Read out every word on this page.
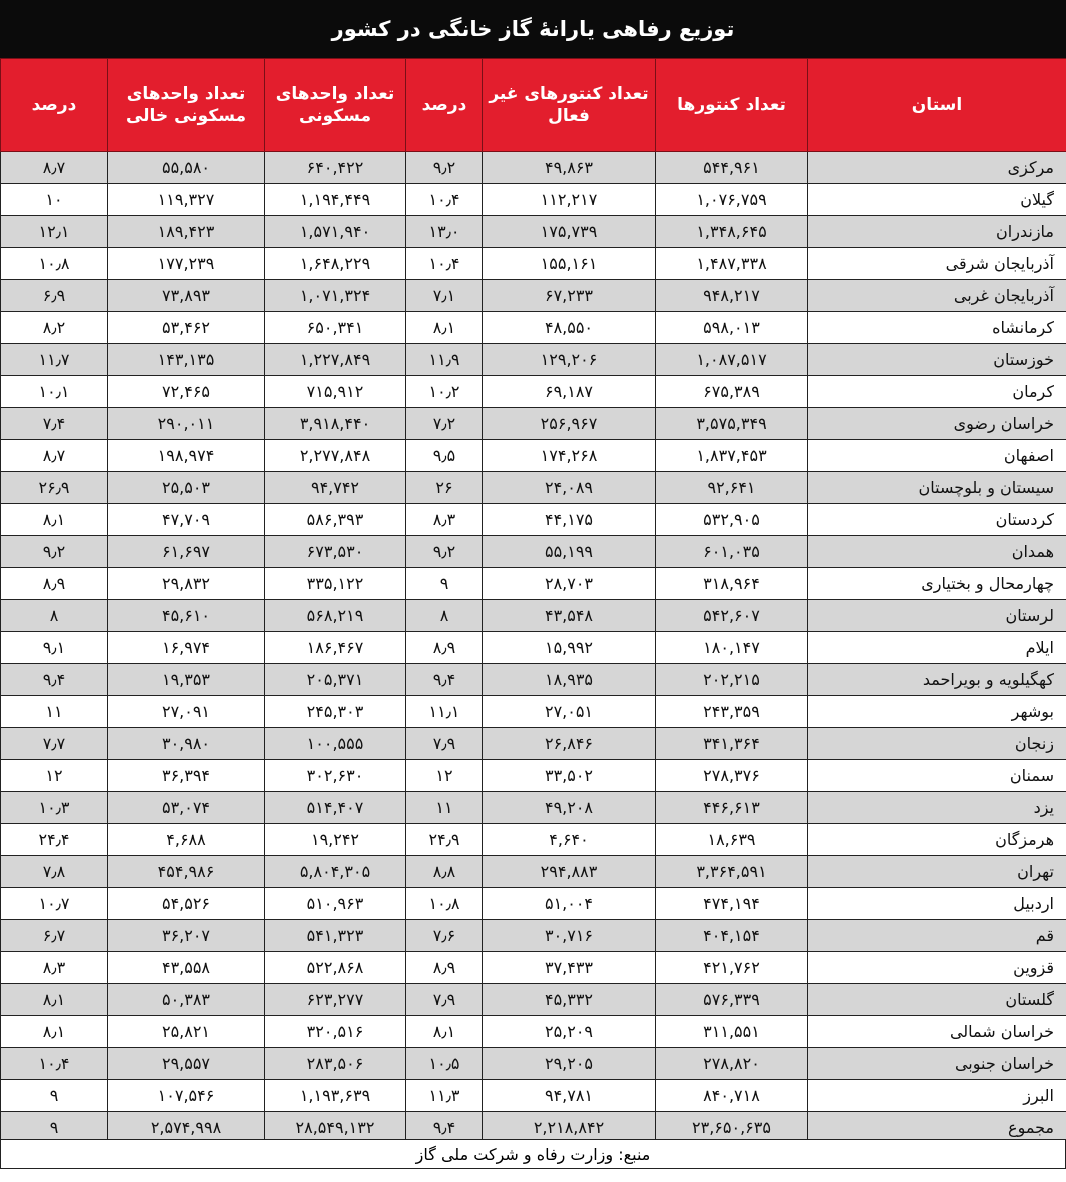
توزیع رفاهی یارانهٔ گاز خانگی در کشور
استان	تعداد کنتورها	تعداد کنتورهای غیر فعال	درصد	تعداد واحدهای مسکونی	تعداد واحدهای مسکونی خالی	درصد
مرکزی	۵۴۴,۹۶۱	۴۹,۸۶۳	۹٫۲	۶۴۰,۴۲۲	۵۵,۵۸۰	۸٫۷
گیلان	۱,۰۷۶,۷۵۹	۱۱۲,۲۱۷	۱۰٫۴	۱,۱۹۴,۴۴۹	۱۱۹,۳۲۷	۱۰
مازندران	۱,۳۴۸,۶۴۵	۱۷۵,۷۳۹	۱۳٫۰	۱,۵۷۱,۹۴۰	۱۸۹,۴۲۳	۱۲٫۱
آذربایجان شرقی	۱,۴۸۷,۳۳۸	۱۵۵,۱۶۱	۱۰٫۴	۱,۶۴۸,۲۲۹	۱۷۷,۲۳۹	۱۰٫۸
آذربایجان غربی	۹۴۸,۲۱۷	۶۷,۲۳۳	۷٫۱	۱,۰۷۱,۳۲۴	۷۳,۸۹۳	۶٫۹
کرمانشاه	۵۹۸,۰۱۳	۴۸,۵۵۰	۸٫۱	۶۵۰,۳۴۱	۵۳,۴۶۲	۸٫۲
خوزستان	۱,۰۸۷,۵۱۷	۱۲۹,۲۰۶	۱۱٫۹	۱,۲۲۷,۸۴۹	۱۴۳,۱۳۵	۱۱٫۷
کرمان	۶۷۵,۳۸۹	۶۹,۱۸۷	۱۰٫۲	۷۱۵,۹۱۲	۷۲,۴۶۵	۱۰٫۱
خراسان رضوی	۳,۵۷۵,۳۴۹	۲۵۶,۹۶۷	۷٫۲	۳,۹۱۸,۴۴۰	۲۹۰,۰۱۱	۷٫۴
اصفهان	۱,۸۳۷,۴۵۳	۱۷۴,۲۶۸	۹٫۵	۲,۲۷۷,۸۴۸	۱۹۸,۹۷۴	۸٫۷
سیستان و بلوچستان	۹۲,۶۴۱	۲۴,۰۸۹	۲۶	۹۴,۷۴۲	۲۵,۵۰۳	۲۶٫۹
کردستان	۵۳۲,۹۰۵	۴۴,۱۷۵	۸٫۳	۵۸۶,۳۹۳	۴۷,۷۰۹	۸٫۱
همدان	۶۰۱,۰۳۵	۵۵,۱۹۹	۹٫۲	۶۷۳,۵۳۰	۶۱,۶۹۷	۹٫۲
چهارمحال و بختیاری	۳۱۸,۹۶۴	۲۸,۷۰۳	۹	۳۳۵,۱۲۲	۲۹,۸۳۲	۸٫۹
لرستان	۵۴۲,۶۰۷	۴۳,۵۴۸	۸	۵۶۸,۲۱۹	۴۵,۶۱۰	۸
ایلام	۱۸۰,۱۴۷	۱۵,۹۹۲	۸٫۹	۱۸۶,۴۶۷	۱۶,۹۷۴	۹٫۱
کهگیلویه و بویراحمد	۲۰۲,۲۱۵	۱۸,۹۳۵	۹٫۴	۲۰۵,۳۷۱	۱۹,۳۵۳	۹٫۴
بوشهر	۲۴۳,۳۵۹	۲۷,۰۵۱	۱۱٫۱	۲۴۵,۳۰۳	۲۷,۰۹۱	۱۱
زنجان	۳۴۱,۳۶۴	۲۶,۸۴۶	۷٫۹	۱۰۰,۵۵۵	۳۰,۹۸۰	۷٫۷
سمنان	۲۷۸,۳۷۶	۳۳,۵۰۲	۱۲	۳۰۲,۶۳۰	۳۶,۳۹۴	۱۲
یزد	۴۴۶,۶۱۳	۴۹,۲۰۸	۱۱	۵۱۴,۴۰۷	۵۳,۰۷۴	۱۰٫۳
هرمزگان	۱۸,۶۳۹	۴,۶۴۰	۲۴٫۹	۱۹,۲۴۲	۴,۶۸۸	۲۴٫۴
تهران	۳,۳۶۴,۵۹۱	۲۹۴,۸۸۳	۸٫۸	۵,۸۰۴,۳۰۵	۴۵۴,۹۸۶	۷٫۸
اردبیل	۴۷۴,۱۹۴	۵۱,۰۰۴	۱۰٫۸	۵۱۰,۹۶۳	۵۴,۵۲۶	۱۰٫۷
قم	۴۰۴,۱۵۴	۳۰,۷۱۶	۷٫۶	۵۴۱,۳۲۳	۳۶,۲۰۷	۶٫۷
قزوین	۴۲۱,۷۶۲	۳۷,۴۳۳	۸٫۹	۵۲۲,۸۶۸	۴۳,۵۵۸	۸٫۳
گلستان	۵۷۶,۳۳۹	۴۵,۳۳۲	۷٫۹	۶۲۳,۲۷۷	۵۰,۳۸۳	۸٫۱
خراسان شمالی	۳۱۱,۵۵۱	۲۵,۲۰۹	۸٫۱	۳۲۰,۵۱۶	۲۵,۸۲۱	۸٫۱
خراسان جنوبی	۲۷۸,۸۲۰	۲۹,۲۰۵	۱۰٫۵	۲۸۳,۵۰۶	۲۹,۵۵۷	۱۰٫۴
البرز	۸۴۰,۷۱۸	۹۴,۷۸۱	۱۱٫۳	۱,۱۹۳,۶۳۹	۱۰۷,۵۴۶	۹
مجموع	۲۳,۶۵۰,۶۳۵	۲,۲۱۸,۸۴۲	۹٫۴	۲۸,۵۴۹,۱۳۲	۲,۵۷۴,۹۹۸	۹
منبع: وزارت رفاه و شرکت ملی گاز
